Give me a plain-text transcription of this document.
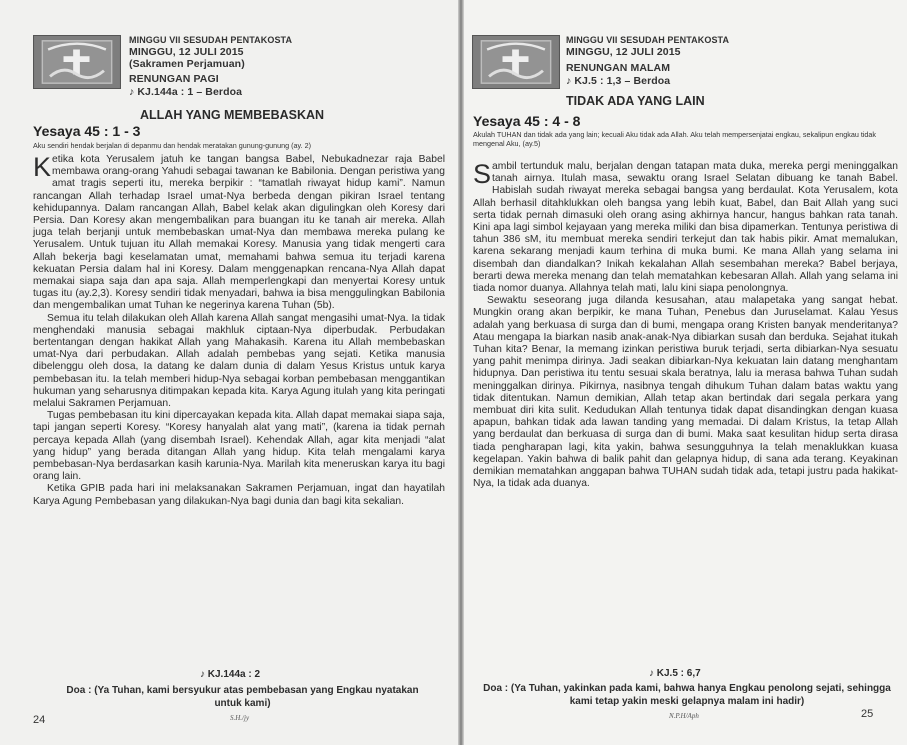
MINGGU VII SESUDAH PENTAKOSTA
MINGGU, 12 JULI 2015
(Sakramen Perjamuan)
RENUNGAN PAGI
♪ KJ.144a : 1 – Berdoa
ALLAH YANG MEMBEBASKAN
Yesaya 45 : 1 - 3
Aku sendiri hendak berjalan di depanmu dan hendak meratakan gunung-gunung (ay. 2)

Ketika kota Yerusalem jatuh ke tangan bangsa Babel, Nebukadnezar raja Babel membawa orang-orang Yahudi sebagai tawanan ke Babilonia. Dengan peristiwa yang amat tragis seperti itu, mereka berpikir : “tamatlah riwayat hidup kami”. Namun rancangan Allah terhadap Israel umat-Nya berbeda dengan pikiran Israel tentang kehidupannya. Dalam rancangan Allah, Babel kelak akan digulingkan oleh Koresy dari Persia. Dan Koresy akan mengembalikan para buangan itu ke tanah air mereka. Allah juga telah berjanji untuk membebaskan umat-Nya dan membawa mereka pulang ke Yerusalem. Untuk tujuan itu Allah memakai Koresy. Manusia yang tidak mengerti cara Allah bekerja bagi keselamatan umat, memahami bahwa semua itu terjadi karena kekuatan Persia dalam hal ini Koresy. Dalam menggenapkan rencana-Nya Allah dapat memakai siapa saja dan apa saja. Allah memperlengkapi dan menyertai Koresy untuk tugas itu (ay.2,3). Koresy sendiri tidak menyadari, bahwa ia bisa menggulingkan Babilonia dan mengembalikan umat Tuhan ke negerinya karena Tuhan (5b).

Semua itu telah dilakukan oleh Allah karena Allah sangat mengasihi umat-Nya. Ia tidak menghendaki manusia sebagai makhluk ciptaan-Nya diperbudak. Perbudakan bertentangan dengan hakikat Allah yang Mahakasih. Karena itu Allah membebaskan umat-Nya dari perbudakan. Allah adalah pembebas yang sejati. Ketika manusia dibelenggu oleh dosa, Ia datang ke dalam dunia di dalam Yesus Kristus untuk karya pembebasan itu. Ia telah memberi hidup-Nya sebagai korban pembebasan menggantikan hukuman yang seharusnya ditimpakan kepada kita. Karya Agung itulah yang kita peringati melalui Sakramen Perjamuan.

Tugas pembebasan itu kini dipercayakan kepada kita. Allah dapat memakai siapa saja, tapi jangan seperti Koresy. “Koresy hanyalah alat yang mati”, (karena ia tidak pernah percaya kepada Allah (yang disembah Israel). Kehendak Allah, agar kita menjadi “alat yang hidup” yang berada ditangan Allah yang hidup. Kita telah mengalami karya pembebasan-Nya berdasarkan kasih karunia-Nya. Marilah kita meneruskan karya itu bagi orang lain.

Ketika GPIB pada hari ini melaksanakan Sakramen Perjamuan, ingat dan hayatilah Karya Agung Pembebasan yang dilakukan-Nya bagi dunia dan bagi kita sekalian.

♪ KJ.144a : 2
Doa : (Ya Tuhan, kami bersyukur atas pembebasan yang Engkau nyatakan untuk kami)
S.H./jy
24
MINGGU VII SESUDAH PENTAKOSTA
MINGGU, 12 JULI 2015
RENUNGAN MALAM
♪ KJ.5 : 1,3 – Berdoa
TIDAK ADA YANG LAIN
Yesaya 45 : 4 - 8
Akulah TUHAN dan tidak ada yang lain; kecuali Aku tidak ada Allah. Aku telah mempersenjatai engkau, sekalipun engkau tidak mengenal Aku, (ay.5)

Sambil tertunduk malu, berjalan dengan tatapan mata duka, mereka pergi meninggalkan tanah airnya. Itulah masa, sewaktu orang Israel Selatan dibuang ke tanah Babel. Habislah sudah riwayat mereka sebagai bangsa yang berdaulat. Kota Yerusalem, kota Allah berhasil ditahklukkan oleh bangsa yang lebih kuat, Babel, dan Bait Allah yang suci serta tidak pernah dimasuki oleh orang asing akhirnya hancur, hangus bahkan rata tanah. Kini apa lagi simbol kejayaan yang mereka miliki dan bisa dipamerkan. Tentunya peristiwa di tahun 386 sM, itu membuat mereka sendiri terkejut dan tak habis pikir. Amat memalukan, karena sekarang menjadi kaum terhina di muka bumi. Ke mana Allah yang selama ini disembah dan diandalkan? Inikah kekalahan Allah sesembahan mereka? Babel berjaya, berarti dewa mereka menang dan telah mematahkan kebesaran Allah. Allah yang selama ini tiada nomor duanya. Allahnya telah mati, lalu kini siapa penolongnya.

Sewaktu seseorang juga dilanda kesusahan, atau malapetaka yang sangat hebat. Mungkin orang akan berpikir, ke mana Tuhan, Penebus dan Juruselamat. Kalau Yesus adalah yang berkuasa di surga dan di bumi, mengapa orang Kristen banyak menderitanya? Atau mengapa Ia biarkan nasib anak-anak-Nya dibiarkan susah dan berduka. Sejahat itukah Tuhan kita? Benar, Ia memang izinkan peristiwa buruk terjadi, serta dibiarkan-Nya sesuatu yang pahit menimpa dirinya. Jadi seakan dibiarkan-Nya kekuatan lain datang menghantam hidupnya. Dan peristiwa itu tentu sesuai skala beratnya, lalu ia merasa bahwa Tuhan sudah meninggalkan dirinya. Pikirnya, nasibnya tengah dihukum Tuhan dalam batas waktu yang tidak ditentukan. Namun demikian, Allah tetap akan bertindak dari segala perkara yang membuat diri kita sulit. Kedudukan Allah tentunya tidak dapat disandingkan dengan kuasa apapun, bahkan tidak ada lawan tanding yang memadai. Di dalam Kristus, Ia tetap Allah yang berdaulat dan berkuasa di surga dan di bumi. Maka saat kesulitan hidup serta dirasa tiada pengharapan lagi, kita yakin, bahwa sesungguhnya Ia telah menaklukkan kuasa kegelapan. Yakin bahwa di balik pahit dan gelapnya hidup, di sana ada terang. Keyakinan demikian mematahkan anggapan bahwa TUHAN sudah tidak ada, tetapi justru pada hakikat-Nya, Ia tidak ada duanya.

♪ KJ.5 : 6,7
Doa : (Ya Tuhan, yakinkan pada kami, bahwa hanya Engkau penolong sejati, sehingga kami tetap yakin meski gelapnya malam ini hadir)
N.P.H/Aph	25
